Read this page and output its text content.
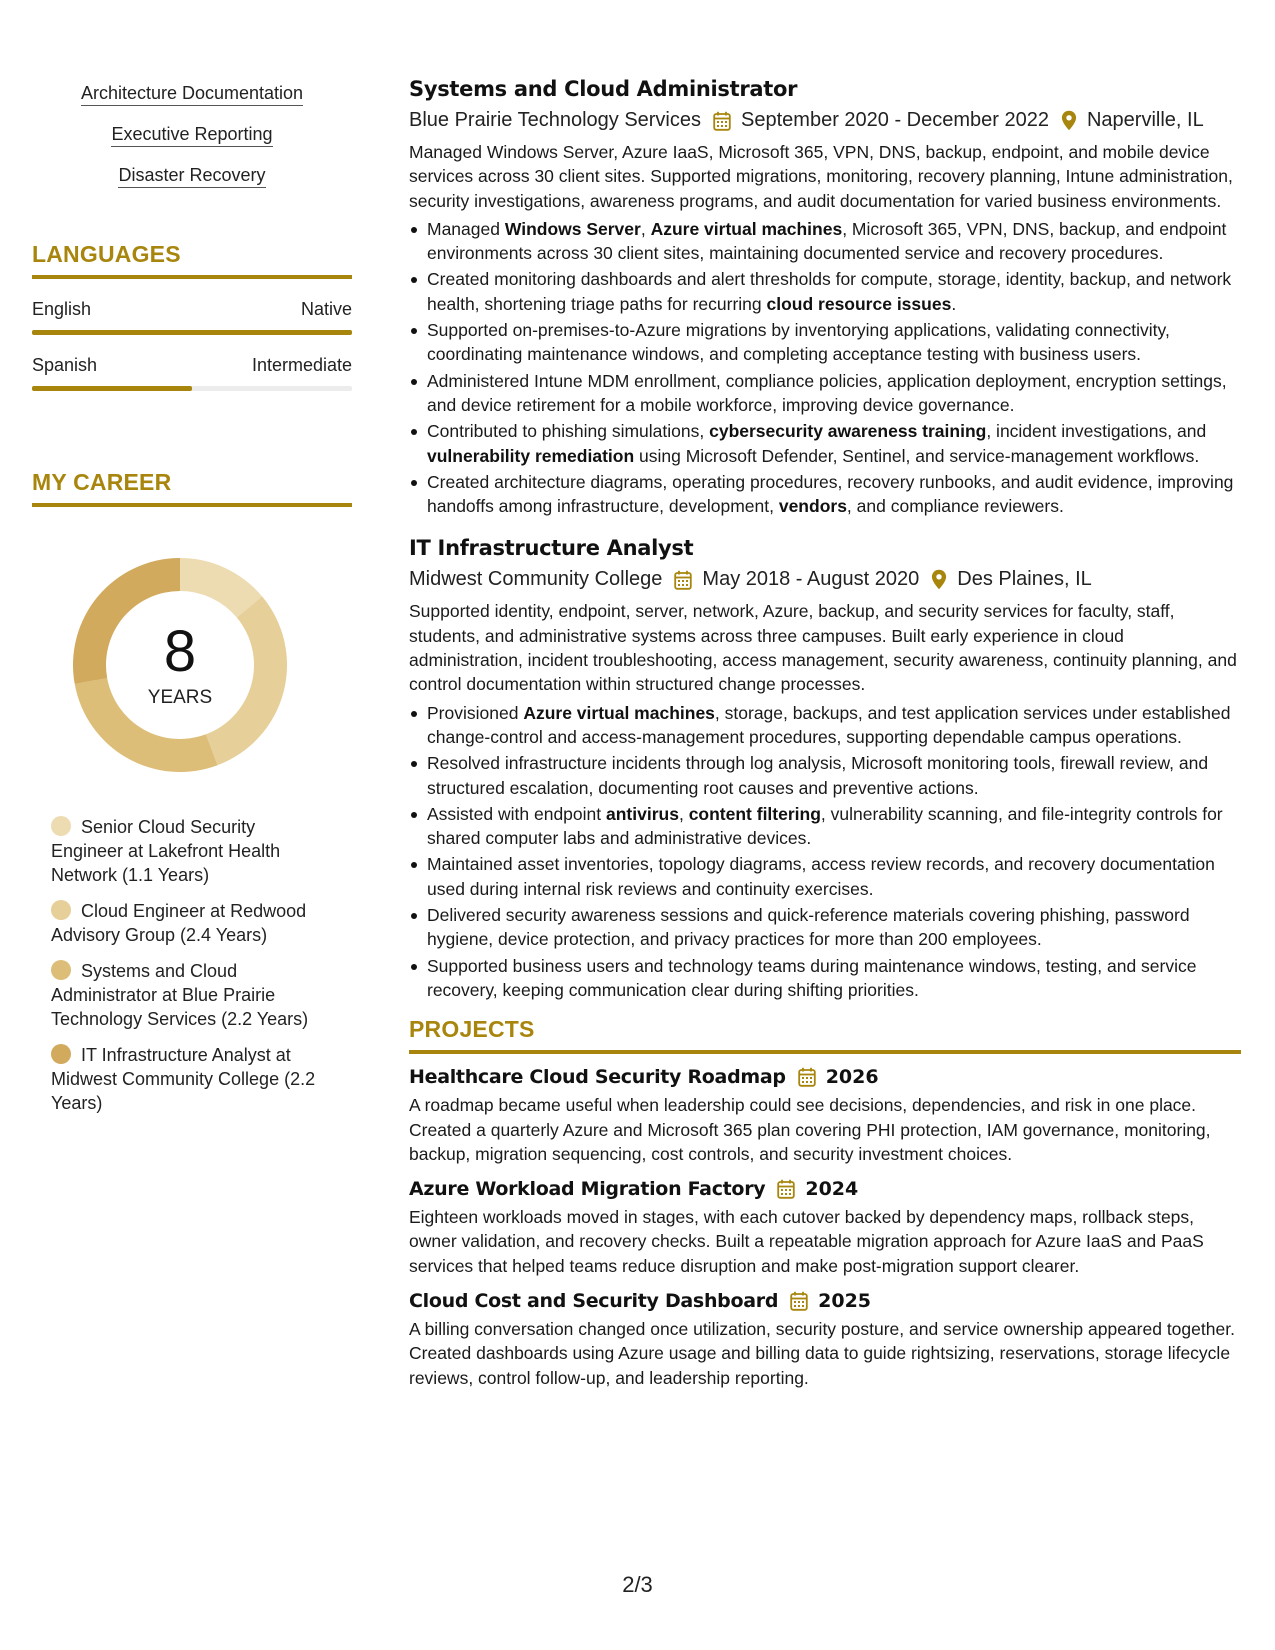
Architecture Documentation
Executive Reporting
Disaster Recovery
LANGUAGES
English	Native
Spanish	Intermediate
MY CAREER
8
YEARS
Senior Cloud Security Engineer at Lakefront Health Network (1.1 Years)
Cloud Engineer at Redwood Advisory Group (2.4 Years)
Systems and Cloud Administrator at Blue Prairie Technology Services (2.2 Years)
IT Infrastructure Analyst at Midwest Community College (2.2 Years)
Systems and Cloud Administrator
Blue Prairie Technology Services September 2020 - December 2022 Naperville, IL
Managed Windows Server, Azure IaaS, Microsoft 365, VPN, DNS, backup, endpoint, and mobile device services across 30 client sites. Supported migrations, monitoring, recovery planning, Intune administration, security investigations, awareness programs, and audit documentation for varied business environments.
Managed Windows Server, Azure virtual machines, Microsoft 365, VPN, DNS, backup, and endpoint environments across 30 client sites, maintaining documented service and recovery procedures.
Created monitoring dashboards and alert thresholds for compute, storage, identity, backup, and network health, shortening triage paths for recurring cloud resource issues.
Supported on-premises-to-Azure migrations by inventorying applications, validating connectivity, coordinating maintenance windows, and completing acceptance testing with business users.
Administered Intune MDM enrollment, compliance policies, application deployment, encryption settings, and device retirement for a mobile workforce, improving device governance.
Contributed to phishing simulations, cybersecurity awareness training, incident investigations, and vulnerability remediation using Microsoft Defender, Sentinel, and service-management workflows.
Created architecture diagrams, operating procedures, recovery runbooks, and audit evidence, improving handoffs among infrastructure, development, vendors, and compliance reviewers.
IT Infrastructure Analyst
Midwest Community College May 2018 - August 2020 Des Plaines, IL
Supported identity, endpoint, server, network, Azure, backup, and security services for faculty, staff, students, and administrative systems across three campuses. Built early experience in cloud administration, incident troubleshooting, access management, security awareness, continuity planning, and control documentation within structured change processes.
Provisioned Azure virtual machines, storage, backups, and test application services under established change-control and access-management procedures, supporting dependable campus operations.
Resolved infrastructure incidents through log analysis, Microsoft monitoring tools, firewall review, and structured escalation, documenting root causes and preventive actions.
Assisted with endpoint antivirus, content filtering, vulnerability scanning, and file-integrity controls for shared computer labs and administrative devices.
Maintained asset inventories, topology diagrams, access review records, and recovery documentation used during internal risk reviews and continuity exercises.
Delivered security awareness sessions and quick-reference materials covering phishing, password hygiene, device protection, and privacy practices for more than 200 employees.
Supported business users and technology teams during maintenance windows, testing, and service recovery, keeping communication clear during shifting priorities.
PROJECTS
Healthcare Cloud Security Roadmap 2026
A roadmap became useful when leadership could see decisions, dependencies, and risk in one place. Created a quarterly Azure and Microsoft 365 plan covering PHI protection, IAM governance, monitoring, backup, migration sequencing, cost controls, and security investment choices.
Azure Workload Migration Factory 2024
Eighteen workloads moved in stages, with each cutover backed by dependency maps, rollback steps, owner validation, and recovery checks. Built a repeatable migration approach for Azure IaaS and PaaS services that helped teams reduce disruption and make post-migration support clearer.
Cloud Cost and Security Dashboard 2025
A billing conversation changed once utilization, security posture, and service ownership appeared together. Created dashboards using Azure usage and billing data to guide rightsizing, reservations, storage lifecycle reviews, control follow-up, and leadership reporting.
2/3
